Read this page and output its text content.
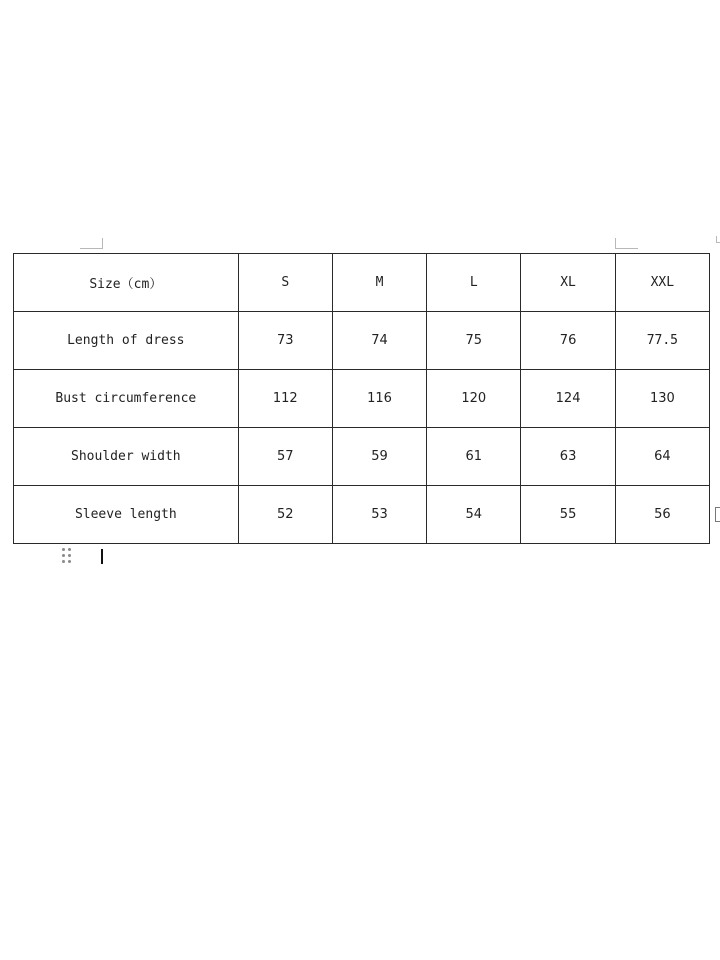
Size（cm）	S	M	L	XL	XXL
Length of dress	73	74	75	76	77.5
Bust circumference	112	116	120	124	130
Shoulder width	57	59	61	63	64
Sleeve length	52	53	54	55	56
